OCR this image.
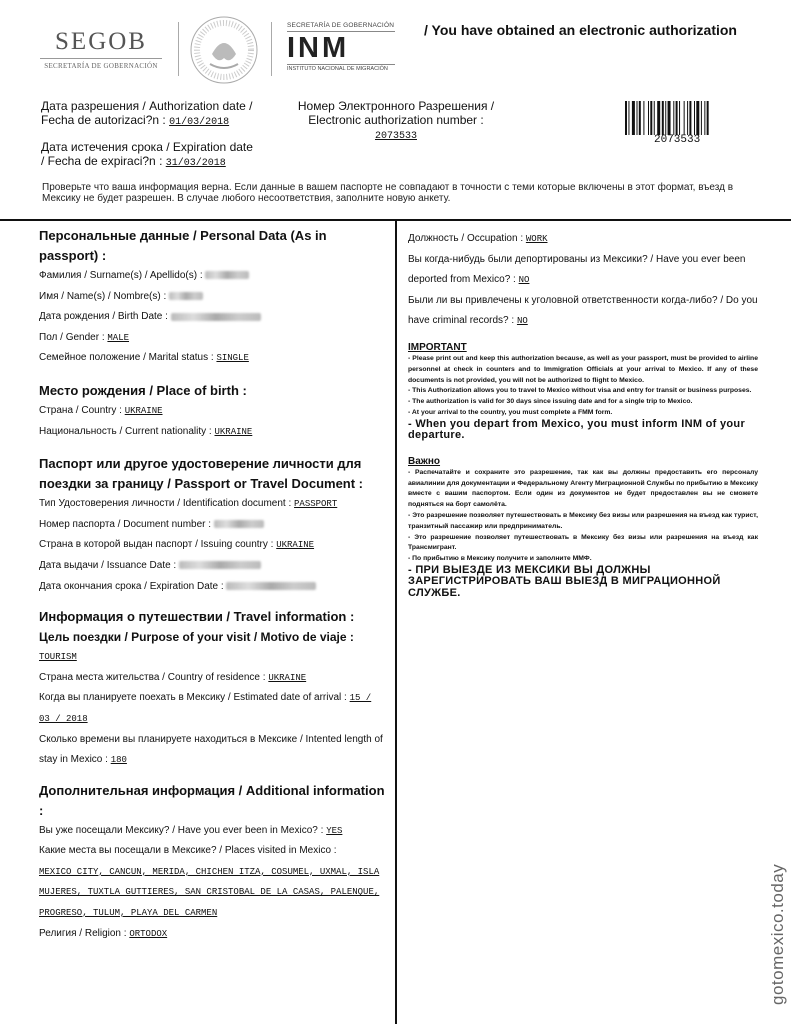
SEGOB
SECRETARÍA DE GOBERNACIÓN
SECRETARÍA DE GOBERNACIÓN
INM
INSTITUTO NACIONAL DE MIGRACIÓN
/ You have obtained an electronic authorization
Дата разрешения / Authorization date /
Fecha de autorizaci?n : 01/03/2018
Номер Электронного Разрешения /
Electronic authorization number :
2073533
Дата истечения срока / Expiration date
/ Fecha de expiraci?n : 31/03/2018
2073533
Проверьте что ваша информация верна. Если данные в вашем паспорте не совпадают в точности с теми которые включены в этот формат, въезд в Мексику не будет разрешен. В случае любого несоответствия, заполните новую анкету.
Персональные данные / Personal Data (As in passport) :
Фамилия / Surname(s) / Apellido(s) :
Имя / Name(s) / Nombre(s) :
Дата рождения / Birth Date :
Пол / Gender : MALE
Семейное положение / Marital status : SINGLE
Место рождения / Place of birth :
Страна / Country : UKRAINE
Национальность / Current nationality : UKRAINE
Паспорт или другое удостоверение личности для поездки за границу / Passport or Travel Document :
Тип Удостоверения личности / Identification document : PASSPORT
Номер паспорта / Document number :
Страна в которой выдан паспорт / Issuing country : UKRAINE
Дата выдачи / Issuance Date :
Дата окончания срока / Expiration Date :
Информация о путешествии / Travel information :
Цель поездки / Purpose of your visit / Motivo de viaje :
TOURISM
Страна места жительства / Country of residence : UKRAINE
Когда вы планируете поехать в Мексику / Estimated date of arrival : 15 / 03 / 2018
Сколько времени вы планируете находиться в Мексике / Intented length of stay in Mexico : 180
Дополнительная информация / Additional information :
Вы уже посещали Мексику? / Have you ever been in Mexico? : YES
Какие места вы посещали в Мексике? / Places visited in Mexico :
MEXICO CITY, CANCUN, MERIDA, CHICHEN ITZA, COSUMEL, UXMAL, ISLA MUJERES, TUXTLA GUTTIERES, SAN CRISTOBAL DE LA CASAS, PALENQUE, PROGRESO, TULUM, PLAYA DEL CARMEN
Религия / Religion : ORTODOX
Должность / Occupation : WORK
Вы когда-нибудь были депортированы из Мексики? / Have you ever been deported from Mexico? : NO
Были ли вы привлечены к уголовной ответственности когда-либо? / Do you have criminal records? : NO
IMPORTANT
- Please print out and keep this authorization because, as well as your passport, must be provided to airline personnel at check in counters and to Immigration Officials at your arrival to Mexico. If any of these documents is not provided, you will not be authorized to flight to Mexico.
- This Authorization allows you to travel to Mexico without visa and entry for transit or business purposes.
- The authorization is valid for 30 days since issuing date and for a single trip to Mexico.
- At your arrival to the country, you must complete a FMM form.
- When you depart from Mexico, you must inform INM of your departure.
Важно
- Распечатайте и сохраните это разрешение, так как вы должны предоставить его персоналу авиалинии для документации и Федеральному Агенту Миграционной Службы по прибытию в Мексику вместе с вашим паспортом. Если один из документов не будет предоставлен вы не сможете подняться на борт самолёта.
- Это разрешение позволяет путешествовать в Мексику без визы или разрешения на въезд как турист, транзитный пассажир или предприниматель.
- Это разрешение позволяет путешествовать в Мексику без визы или разрешения на въезд как Трансмигрант.
- По прибытию в Мексику получите и заполните ММФ.
- ПРИ ВЫЕЗДЕ ИЗ МЕКСИКИ ВЫ ДОЛЖНЫ ЗАРЕГИСТРИРОВАТЬ ВАШ ВЫЕЗД В МИГРАЦИОННОЙ СЛУЖБЕ.
gotomexico.today
